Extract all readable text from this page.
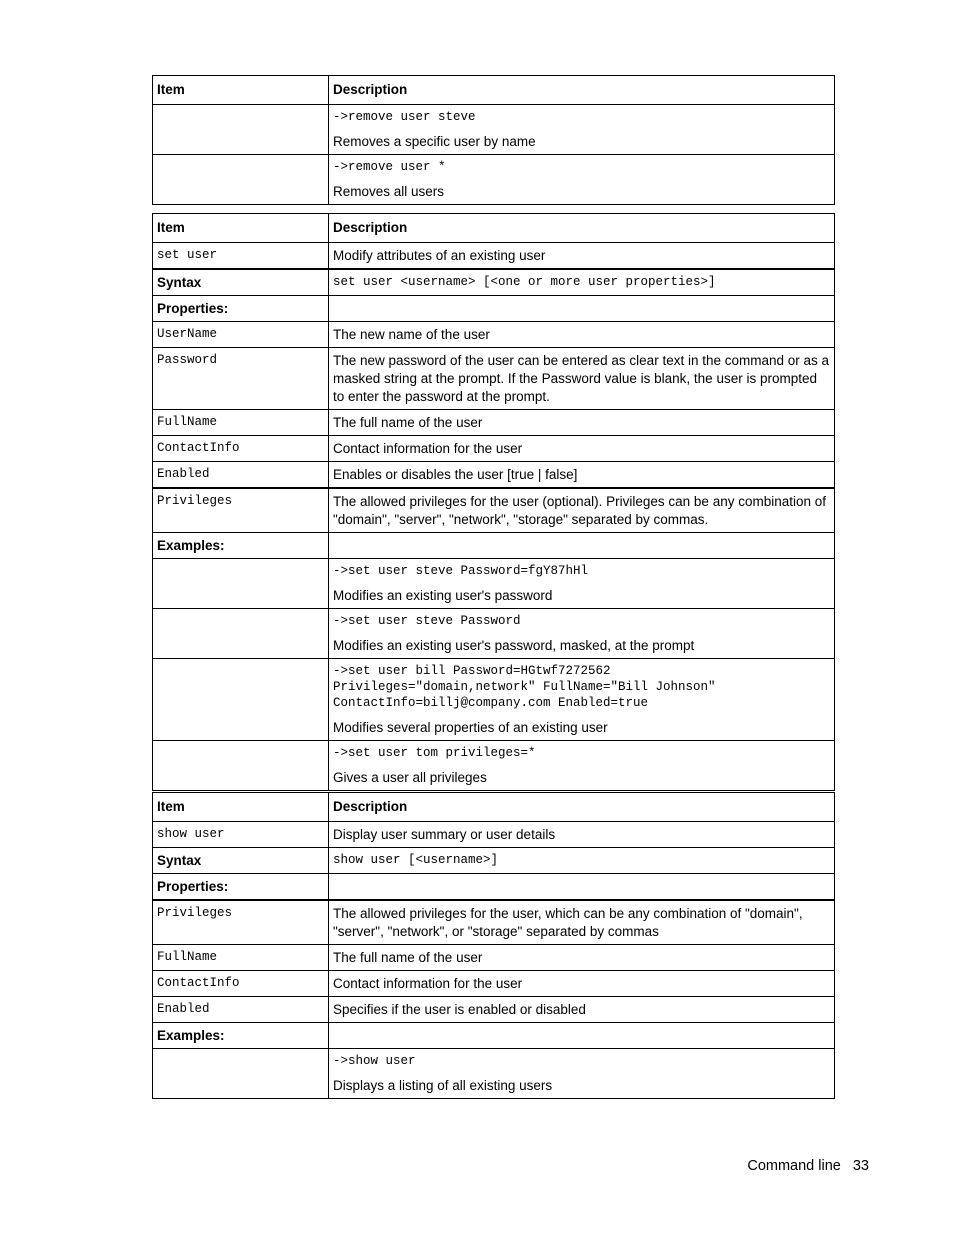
Item	Description

	->remove user steve
Removes a specific user by name

	->remove user *
Removes all users
Item	Description
set user	Modify attributes of an existing user
Syntax	set user <username> [<one or more user properties>]
Properties:	
UserName	The new name of the user
Password	The new password of the user can be entered as clear text in the command or as a masked string at the prompt. If the Password value is blank, the user is prompted to enter the password at the prompt.
FullName	The full name of the user
ContactInfo	Contact information for the user
Enabled	Enables or disables the user [true | false]
Privileges	The allowed privileges for the user (optional). Privileges can be any combination of "domain", "server", "network", "storage" separated by commas.
Examples:	

	->set user steve Password=fgY87hHl
Modifies an existing user's password

	->set user steve Password
Modifies an existing user's password, masked, at the prompt

	->set user bill Password=HGtwf7272562
Privileges="domain,network" FullName="Bill Johnson"
ContactInfo=billj@company.com Enabled=true
Modifies several properties of an existing user

	->set user tom privileges=*
Gives a user all privileges
Item	Description
show user	Display user summary or user details
Syntax	show user [<username>]
Properties:	
Privileges	The allowed privileges for the user, which can be any combination of "domain", "server", "network", or "storage" separated by commas
FullName	The full name of the user
ContactInfo	Contact information for the user
Enabled	Specifies if the user is enabled or disabled
Examples:	

	->show user
Displays a listing of all existing users
Command line 33
